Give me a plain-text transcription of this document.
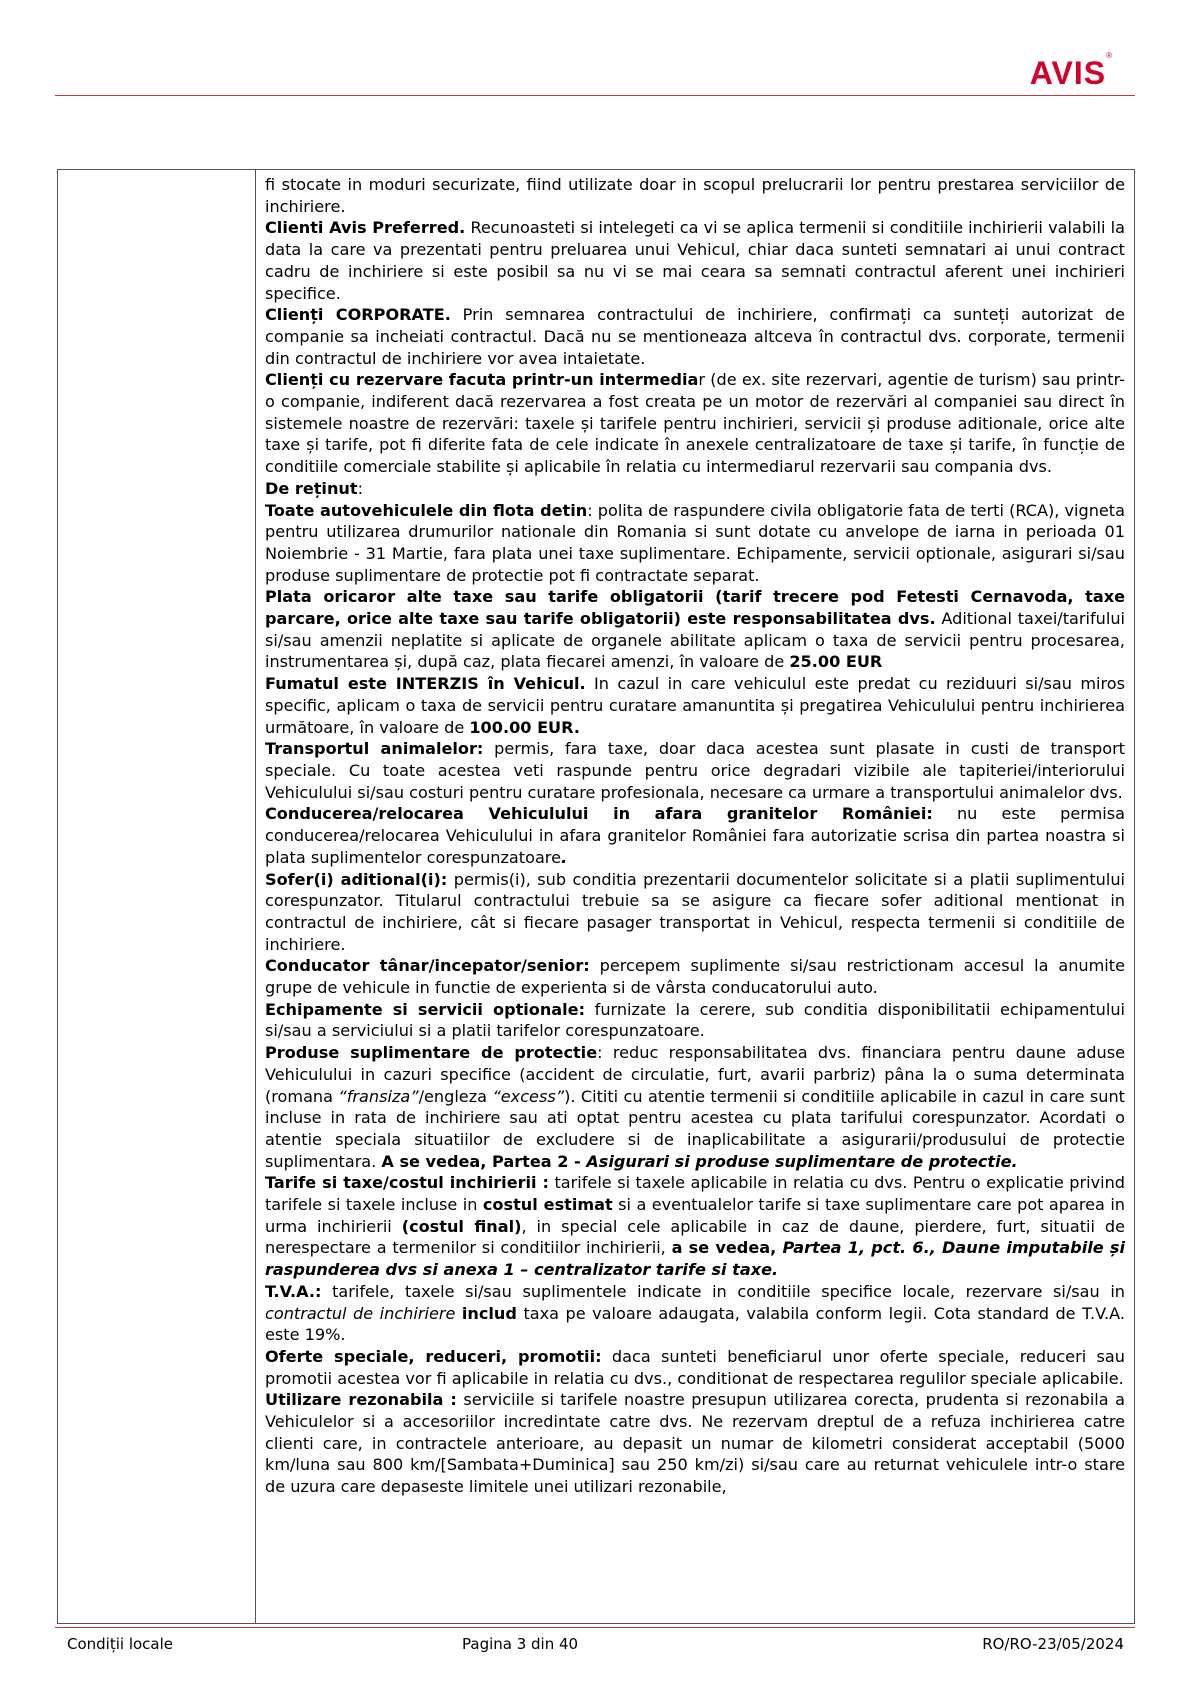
AVIS®

fi stocate in moduri securizate, fiind utilizate doar in scopul prelucrarii lor pentru prestarea serviciilor de inchiriere.

Clienti Avis Preferred. Recunoasteti si intelegeti ca vi se aplica termenii si conditiile inchirierii valabili la data la care va prezentati pentru preluarea unui Vehicul, chiar daca sunteti semnatari ai unui contract cadru de inchiriere si este posibil sa nu vi se mai ceara sa semnati contractul aferent unei inchirieri specifice.

Clienți CORPORATE. Prin semnarea contractului de inchiriere, confirmați ca sunteți autorizat de companie sa incheiati contractul. Dacă nu se mentioneaza altceva în contractul dvs. corporate, termenii din contractul de inchiriere vor avea intaietate.

Clienți cu rezervare facuta printr-un intermediar (de ex. site rezervari, agentie de turism) sau printr-o companie, indiferent dacă rezervarea a fost creata pe un motor de rezervări al companiei sau direct în sistemele noastre de rezervări: taxele și tarifele pentru inchirieri, servicii și produse aditionale, orice alte taxe și tarife, pot fi diferite fata de cele indicate în anexele centralizatoare de taxe și tarife, în funcție de conditiile comerciale stabilite și aplicabile în relatia cu intermediarul rezervarii sau compania dvs.

De reținut:

Toate autovehiculele din flota detin: polita de raspundere civila obligatorie fata de terti (RCA), vigneta pentru utilizarea drumurilor nationale din Romania si sunt dotate cu anvelope de iarna in perioada 01 Noiembrie - 31 Martie, fara plata unei taxe suplimentare. Echipamente, servicii optionale, asigurari si/sau produse suplimentare de protectie pot fi contractate separat.

Plata oricaror alte taxe sau tarife obligatorii (tarif trecere pod Fetesti Cernavoda, taxe parcare, orice alte taxe sau tarife obligatorii) este responsabilitatea dvs. Aditional taxei/tarifului si/sau amenzii neplatite si aplicate de organele abilitate aplicam o taxa de servicii pentru procesarea, instrumentarea și, după caz, plata fiecarei amenzi, în valoare de 25.00 EUR

Fumatul este INTERZIS în Vehicul. In cazul in care vehiculul este predat cu reziduuri si/sau miros specific, aplicam o taxa de servicii pentru curatare amanuntita și pregatirea Vehiculului pentru inchirierea următoare, în valoare de 100.00 EUR.

Transportul animalelor: permis, fara taxe, doar daca acestea sunt plasate in custi de transport speciale. Cu toate acestea veti raspunde pentru orice degradari vizibile ale tapiteriei/interiorului Vehiculului si/sau costuri pentru curatare profesionala, necesare ca urmare a transportului animalelor dvs.

Conducerea/relocarea Vehiculului in afara granitelor României: nu este permisa conducerea/relocarea Vehiculului in afara granitelor României fara autorizatie scrisa din partea noastra si plata suplimentelor corespunzatoare.

Sofer(i) aditional(i): permis(i), sub conditia prezentarii documentelor solicitate si a platii suplimentului corespunzator. Titularul contractului trebuie sa se asigure ca fiecare sofer aditional mentionat in contractul de inchiriere, cât si fiecare pasager transportat in Vehicul, respecta termenii si conditiile de inchiriere.

Conducator tânar/incepator/senior: percepem suplimente si/sau restrictionam accesul la anumite grupe de vehicule in functie de experienta si de vârsta conducatorului auto.

Echipamente si servicii optionale: furnizate la cerere, sub conditia disponibilitatii echipamentului si/sau a serviciului si a platii tarifelor corespunzatoare.

Produse suplimentare de protectie: reduc responsabilitatea dvs. financiara pentru daune aduse Vehiculului in cazuri specifice (accident de circulatie, furt, avarii parbriz) pâna la o suma determinata (romana “fransiza”/engleza “excess”). Cititi cu atentie termenii si conditiile aplicabile in cazul in care sunt incluse in rata de inchiriere sau ati optat pentru acestea cu plata tarifului corespunzator. Acordati o atentie speciala situatiilor de excludere si de inaplicabilitate a asigurarii/produsului de protectie suplimentara. A se vedea, Partea 2 - Asigurari si produse suplimentare de protectie.

Tarife si taxe/costul inchirierii : tarifele si taxele aplicabile in relatia cu dvs. Pentru o explicatie privind tarifele si taxele incluse in costul estimat si a eventualelor tarife si taxe suplimentare care pot aparea in urma inchirierii (costul final), in special cele aplicabile in caz de daune, pierdere, furt, situatii de nerespectare a termenilor si conditiilor inchirierii, a se vedea, Partea 1, pct. 6., Daune imputabile și raspunderea dvs si anexa 1 – centralizator tarife si taxe.

T.V.A.: tarifele, taxele si/sau suplimentele indicate in conditiile specifice locale, rezervare si/sau in contractul de inchiriere includ taxa pe valoare adaugata, valabila conform legii. Cota standard de T.V.A. este 19%.

Oferte speciale, reduceri, promotii: daca sunteti beneficiarul unor oferte speciale, reduceri sau promotii acestea vor fi aplicabile in relatia cu dvs., conditionat de respectarea regulilor speciale aplicabile.

Utilizare rezonabila : serviciile si tarifele noastre presupun utilizarea corecta, prudenta si rezonabila a Vehiculelor si a accesoriilor incredintate catre dvs. Ne rezervam dreptul de a refuza inchirierea catre clienti care, in contractele anterioare, au depasit un numar de kilometri considerat acceptabil (5000 km/luna sau 800 km/[Sambata+Duminica] sau 250 km/zi) si/sau care au returnat vehiculele intr-o stare de uzura care depaseste limitele unei utilizari rezonabile,

Condiții locale	Pagina 3 din 40	RO/RO-23/05/2024
